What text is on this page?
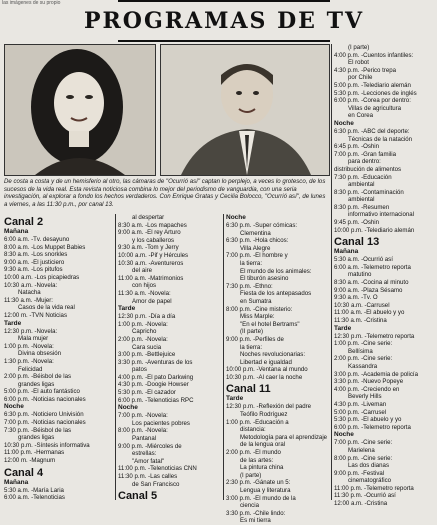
las imágenes de su propio
PROGRAMAS DE TV
De costa a costa y de un hemisferio al otro, las cámaras de "Ocurrió así" captan lo perplejo, a veces lo grotesco, de los sucesos de la vida real. Esta revista noticiosa combina lo mejor del periodismo de vanguardia, con una seria investigación, al explorar a fondo los hechos verdaderos. Con Enrique Gratas y Cecilia Bolocco, "Ocurrió así", de lunes a viernes, a las 11:30 p.m., por canal 13.
Canal 2
Mañana
6:00 a.m. -Tv. desayuno
8:00 a.m. -Los Muppet Babies
8:30 a.m. -Los snorkles
9:00 a.m. -El justiciero
9:30 a.m. -Los pitufos
10:00 a.m. -Los picapiedras
10:30 a.m. -Novela:
Natacha
11:30 a.m. -Mujer:
Casos de la vida real
12:00 m. -TVN Noticias
Tarde
12:30 p.m. -Novela:
Mala mujer
1:00 p.m. -Novela:
Divina obsesión
1:30 p.m. -Novela:
Felicidad
2:00 p.m. -Béisbol de las
grandes ligas
5:00 p.m. -El auto fantástico
6:00 p.m. -Noticias nacionales
Noche
6:30 p.m. -Noticiero Univisión
7:00 p.m. -Noticias nacionales
7:30 p.m. -Béisbol de las
grandes ligas
10:30 p.m. -Síntesis informativa
11:00 p.m. -Hermanas
12:00 m. -Magnum
Canal 4
Mañana
5:30 a.m. -María Laria
6:00 a.m. -Telenoticias
al despertar
8:30 a.m. -Los mapaches
9:00 a.m. -El rey Arturo
y los caballeros
9:30 a.m. -Tom y Jerry
10:00 a.m. -Pif y Hércules
10:30 a.m. -Aventureros
del aire
11:00 a.m. -Matrimonios
con hijos
11:30 a.m. -Novela:
Amor de papel
Tarde
12:30 p.m. -Día a día
1:00 p.m. -Novela:
Capricho
2:00 p.m. -Novela:
Cara sucia
3:00 p.m. -Bettlejuice
3:30 p.m. -Aventuras de los
patos
4:00 p.m. -El pato Darkwing
4:30 p.m. -Doogie Howser
5:30 p.m. -El cazador
6:00 p.m. -Telenoticias RPC
Noche
7:00 p.m. -Novela:
Los pacientes pobres
8:00 p.m. -Novela:
Pantanal
9:00 p.m. -Miércoles de
estrellas:
"Amor fatal"
11:00 p.m. -Telenoticias CNN
11:30 p.m. -Las calles
de San Francisco
Canal 5
Noche
6:30 p.m. -Super cómicas:
Clementina
6:30 p.m. -Hola chicos:
Villa Alegre
7:00 p.m. -El hombre y
la tierra:
El mundo de los animales:
El tiburón asesino
7:30 p.m. -Ethno:
Fiesta de los antepasados
en Sumatra
8:00 p.m. -Cine misterio:
Miss Marple:
"En el hotel Bertrams"
(II parte)
9:00 p.m. -Perfiles de
la tierra:
Noches revolucionarias:
Libertad e igualdad
10:00 p.m. -Ventana al mundo
10:30 p.m. -Al caer la noche
Canal 11
Tarde
12:30 p.m. -Reflexión del padre
Teófilo Rodríguez
1:00 p.m. -Educación a
distancia:
Metodología para el aprendizaje
de la lengua oral
2:00 p.m. -El mundo
de las artes:
La pintura china
(I parte)
2:30 p.m. -Gánate un 5:
Lengua y literatura
3:00 p.m. -El mundo de la
ciencia
3:30 p.m. -Chile lindo:
Es mi tierra
(I parte)
4:00 p.m. -Cuentos infantiles:
El robot
4:30 p.m. -Perico trepa
por Chile
5:00 p.m. -Telediario alemán
5:30 p.m. -Lecciones de inglés
6:00 p.m. -Corea por dentro:
Villas de agricultura
en Corea
Noche
6:30 p.m. -ABC del deporte:
Técnicas de la natación
6:45 p.m. -Oshin
7:00 p.m. -Gran familia
para dentro:
distribución de alimentos
7:30 p.m. -Educación
ambiental
8:30 p.m. -Contaminación
ambiental
8:30 p.m. -Resumen
informativo internacional
9:45 p.m. -Oshin
10:00 p.m. -Telediario alemán
Canal 13
Mañana
5:30 a.m. -Ocurrió así
6:00 a.m. -Telemetro reporta
matutino
8:30 a.m. -Cocina al minuto
9:00 a.m. -Plaza Sésamo
9:30 a.m. -Tv. O
10:30 a.m. -Carrusel
11:00 a.m. -El abuelo y yo
11:30 a.m. -Cristina
Tarde
12:30 p.m. -Telemetro reporta
1:00 p.m. -Cine serie:
Bellísima
2:00 p.m. -Cine serie:
Kassandra
3:00 p.m. -Academia de policía
3:30 p.m. -Nuevo Popeye
4:00 p.m. -Creciendo en
Beverly Hills
4:30 p.m. -Liveman
5:00 p.m. -Carrusel
5:30 p.m. -El abuelo y yo
6:00 p.m. -Telemetro reporta
Noche
7:00 p.m. -Cine serie:
Marielena
8:00 p.m. -Cine serie:
Las dos dianas
9:00 p.m. -Festival
cinematográfico
11:00 p.m. -Telemetro reporta
11:30 p.m. -Ocurrió así
12:00 a.m. -Cristina
